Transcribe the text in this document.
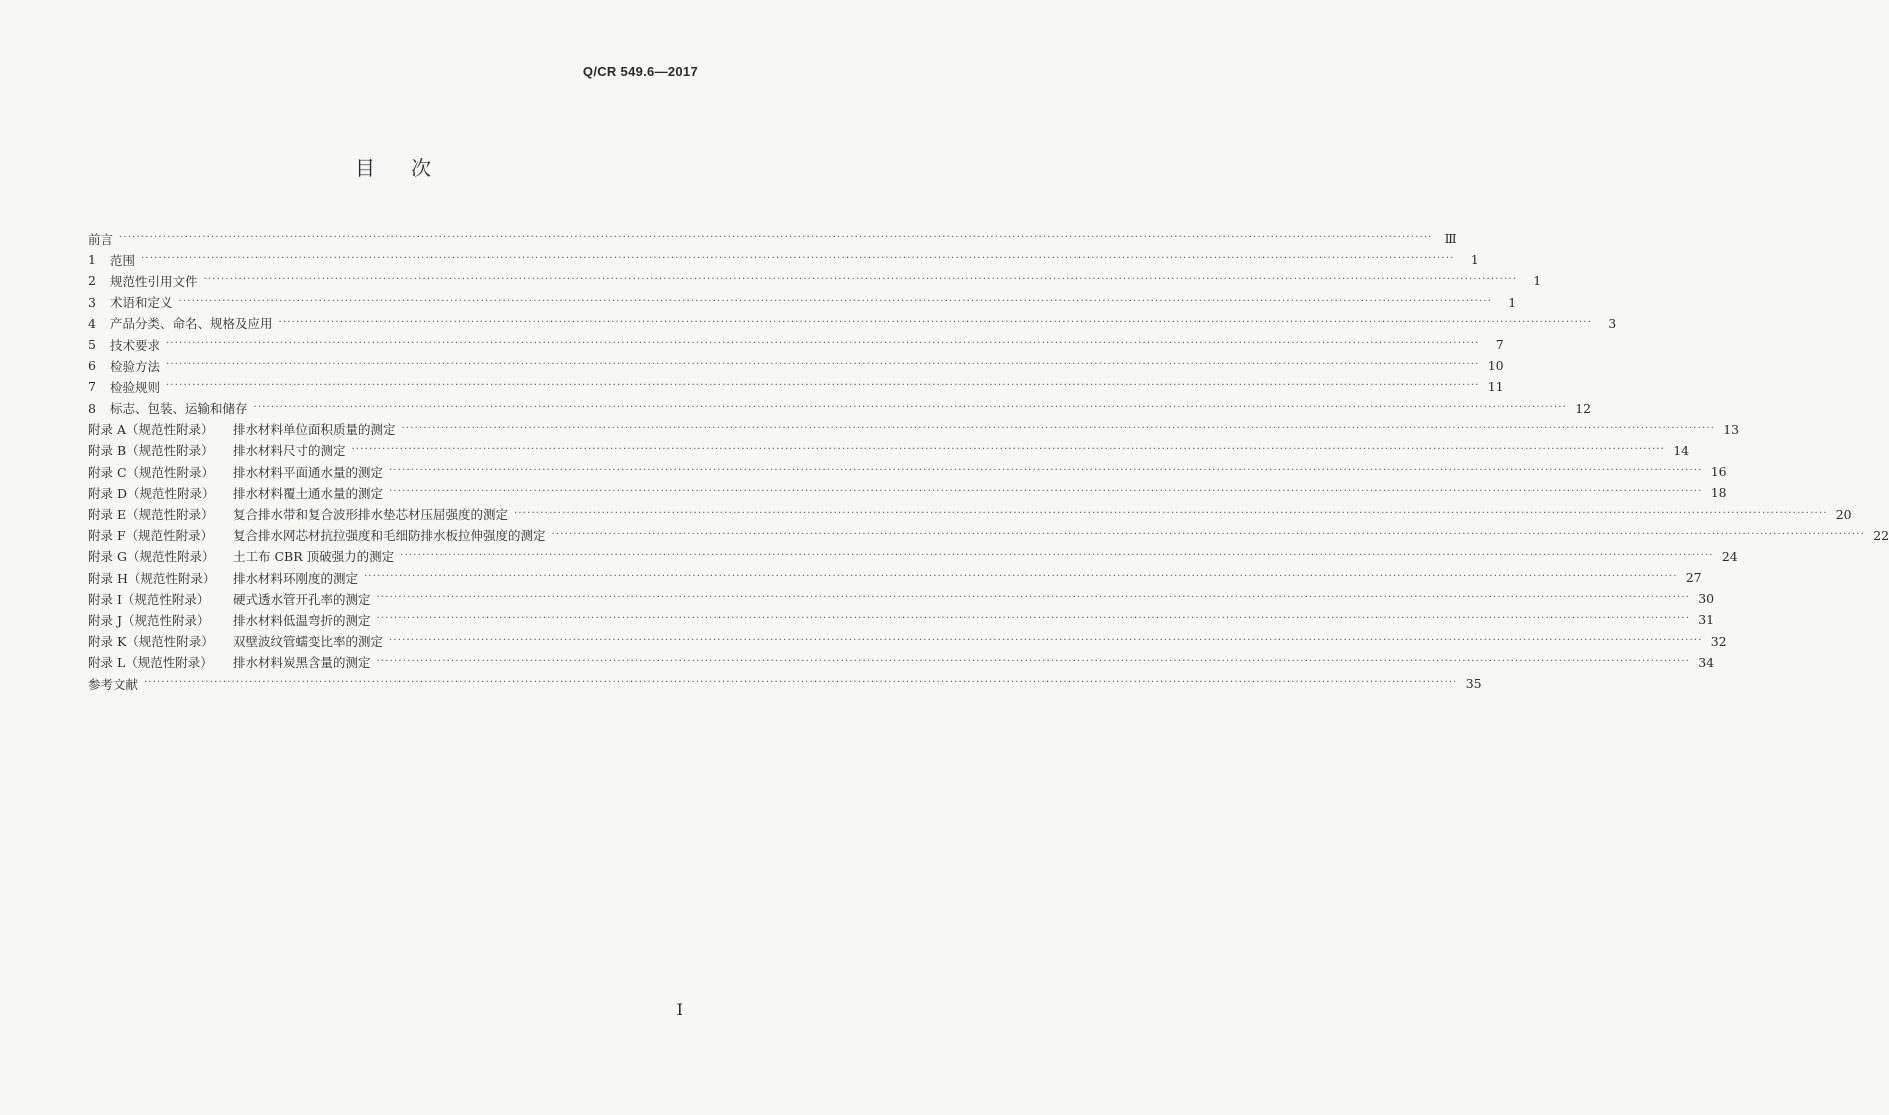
Q/CR 549.6—2017
目次
前言 ············································································································································································································································································································ Ⅲ
1	范围 ············································································································································································································································································································	1
2	规范性引用文件 ············································································································································································································································································································	1
3	术语和定义 ············································································································································································································································································································	1
4	产品分类、命名、规格及应用 ············································································································································································································································································································	3
5	技术要求 ············································································································································································································································································································	7
6	检验方法 ············································································································································································································································································································ 10
7	检验规则 ············································································································································································································································································································ 11
8	标志、包装、运输和储存 ············································································································································································································································································································ 12
附录 A（规范性附录）	排水材料单位面积质量的测定 ············································································································································································································································································································ 13
附录 B（规范性附录）	排水材料尺寸的测定 ············································································································································································································································································································ 14
附录 C（规范性附录）	排水材料平面通水量的测定 ············································································································································································································································································································ 16
附录 D（规范性附录）	排水材料覆土通水量的测定 ············································································································································································································································································································ 18
附录 E（规范性附录）	复合排水带和复合波形排水垫芯材压屈强度的测定 ············································································································································································································································································································ 20
附录 F（规范性附录）	复合排水网芯材抗拉强度和毛细防排水板拉伸强度的测定 ············································································································································································································································································································ 22
附录 G（规范性附录）	土工布 CBR 顶破强力的测定 ············································································································································································································································································································ 24
附录 H（规范性附录）	排水材料环刚度的测定 ············································································································································································································································································································ 27
附录 I（规范性附录）	硬式透水管开孔率的测定 ············································································································································································································································································································ 30
附录 J（规范性附录）	排水材料低温弯折的测定 ············································································································································································································································································································ 31
附录 K（规范性附录）	双壁波纹管蠕变比率的测定 ············································································································································································································································································································ 32
附录 L（规范性附录）	排水材料炭黑含量的测定 ············································································································································································································································································································ 34
参考文献 ············································································································································································································································································································ 35
I
